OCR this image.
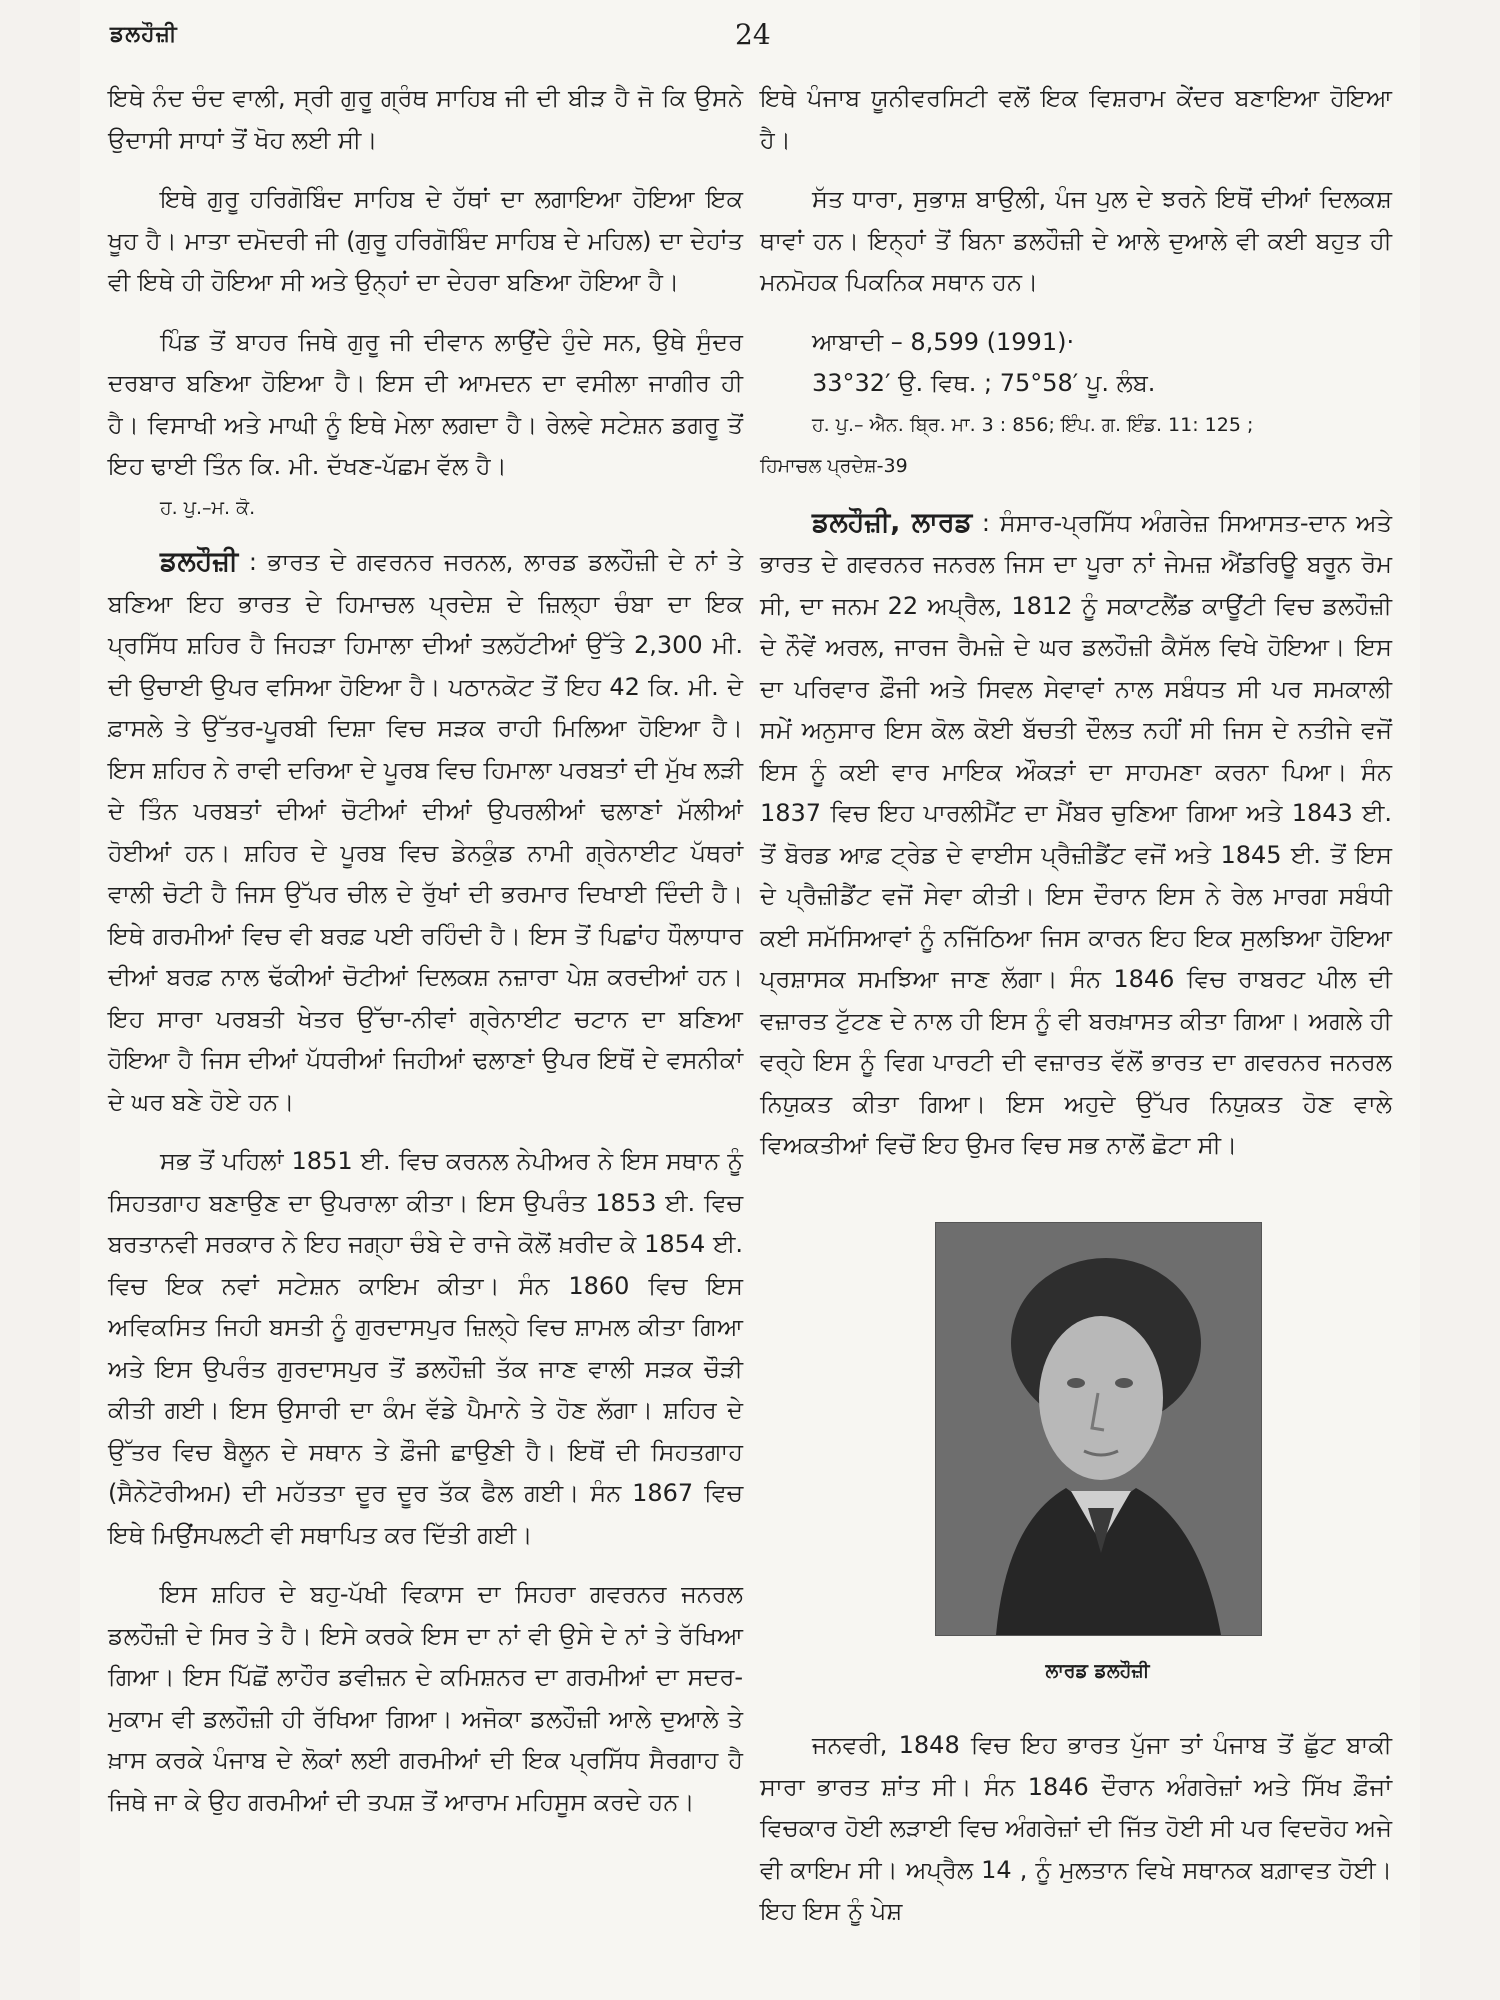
ਡਲਹੌਜ਼ੀ	24

ਇਥੇ ਨੰਦ ਚੰਦ ਵਾਲੀ, ਸ੍ਰੀ ਗੁਰੂ ਗ੍ਰੰਥ ਸਾਹਿਬ ਜੀ ਦੀ ਬੀੜ ਹੈ ਜੋ ਕਿ ਉਸਨੇ ਉਦਾਸੀ ਸਾਧਾਂ ਤੋਂ ਖੋਹ ਲਈ ਸੀ।

ਇਥੇ ਗੁਰੂ ਹਰਿਗੋਬਿੰਦ ਸਾਹਿਬ ਦੇ ਹੱਥਾਂ ਦਾ ਲਗਾਇਆ ਹੋਇਆ ਇਕ ਖੂਹ ਹੈ। ਮਾਤਾ ਦਮੋਦਰੀ ਜੀ (ਗੁਰੂ ਹਰਿਗੋਬਿੰਦ ਸਾਹਿਬ ਦੇ ਮਹਿਲ) ਦਾ ਦੇਹਾਂਤ ਵੀ ਇਥੇ ਹੀ ਹੋਇਆ ਸੀ ਅਤੇ ਉਨ੍ਹਾਂ ਦਾ ਦੇਹਰਾ ਬਣਿਆ ਹੋਇਆ ਹੈ।

ਪਿੰਡ ਤੋਂ ਬਾਹਰ ਜਿਥੇ ਗੁਰੂ ਜੀ ਦੀਵਾਨ ਲਾਉਂਦੇ ਹੁੰਦੇ ਸਨ, ਉਥੇ ਸੁੰਦਰ ਦਰਬਾਰ ਬਣਿਆ ਹੋਇਆ ਹੈ। ਇਸ ਦੀ ਆਮਦਨ ਦਾ ਵਸੀਲਾ ਜਾਗੀਰ ਹੀ ਹੈ। ਵਿਸਾਖੀ ਅਤੇ ਮਾਘੀ ਨੂੰ ਇਥੇ ਮੇਲਾ ਲਗਦਾ ਹੈ। ਰੇਲਵੇ ਸਟੇਸ਼ਨ ਡਗਰੂ ਤੋਂ ਇਹ ਢਾਈ ਤਿੰਨ ਕਿ. ਮੀ. ਦੱਖਣ-ਪੱਛਮ ਵੱਲ ਹੈ।

ਹ. ਪੁ.–ਮ. ਕੋ.

ਡਲਹੌਜ਼ੀ : ਭਾਰਤ ਦੇ ਗਵਰਨਰ ਜਰਨਲ, ਲਾਰਡ ਡਲਹੌਜ਼ੀ ਦੇ ਨਾਂ ਤੇ ਬਣਿਆ ਇਹ ਭਾਰਤ ਦੇ ਹਿਮਾਚਲ ਪ੍ਰਦੇਸ਼ ਦੇ ਜ਼ਿਲ੍ਹਾ ਚੰਬਾ ਦਾ ਇਕ ਪ੍ਰਸਿੱਧ ਸ਼ਹਿਰ ਹੈ ਜਿਹੜਾ ਹਿਮਾਲਾ ਦੀਆਂ ਤਲਹੱਟੀਆਂ ਉੱਤੇ 2,300 ਮੀ. ਦੀ ਉਚਾਈ ਉਪਰ ਵਸਿਆ ਹੋਇਆ ਹੈ। ਪਠਾਨਕੋਟ ਤੋਂ ਇਹ 42 ਕਿ. ਮੀ. ਦੇ ਫ਼ਾਸਲੇ ਤੇ ਉੱਤਰ-ਪੂਰਬੀ ਦਿਸ਼ਾ ਵਿਚ ਸੜਕ ਰਾਹੀ ਮਿਲਿਆ ਹੋਇਆ ਹੈ। ਇਸ ਸ਼ਹਿਰ ਨੇ ਰਾਵੀ ਦਰਿਆ ਦੇ ਪੂਰਬ ਵਿਚ ਹਿਮਾਲਾ ਪਰਬਤਾਂ ਦੀ ਮੁੱਖ ਲੜੀ ਦੇ ਤਿੰਨ ਪਰਬਤਾਂ ਦੀਆਂ ਚੋਟੀਆਂ ਦੀਆਂ ਉਪਰਲੀਆਂ ਢਲਾਣਾਂ ਮੱਲੀਆਂ ਹੋਈਆਂ ਹਨ। ਸ਼ਹਿਰ ਦੇ ਪੂਰਬ ਵਿਚ ਡੇਨਕੁੰਡ ਨਾਮੀ ਗ੍ਰੇਨਾਈਟ ਪੱਥਰਾਂ ਵਾਲੀ ਚੋਟੀ ਹੈ ਜਿਸ ਉੱਪਰ ਚੀਲ ਦੇ ਰੁੱਖਾਂ ਦੀ ਭਰਮਾਰ ਦਿਖਾਈ ਦਿੰਦੀ ਹੈ। ਇਥੇ ਗਰਮੀਆਂ ਵਿਚ ਵੀ ਬਰਫ਼ ਪਈ ਰਹਿੰਦੀ ਹੈ। ਇਸ ਤੋਂ ਪਿਛਾਂਹ ਧੌਲਾਧਾਰ ਦੀਆਂ ਬਰਫ਼ ਨਾਲ ਢੱਕੀਆਂ ਚੋਟੀਆਂ ਦਿਲਕਸ਼ ਨਜ਼ਾਰਾ ਪੇਸ਼ ਕਰਦੀਆਂ ਹਨ। ਇਹ ਸਾਰਾ ਪਰਬਤੀ ਖੇਤਰ ਉੱਚਾ-ਨੀਵਾਂ ਗ੍ਰੇਨਾਈਟ ਚਟਾਨ ਦਾ ਬਣਿਆ ਹੋਇਆ ਹੈ ਜਿਸ ਦੀਆਂ ਪੱਧਰੀਆਂ ਜਿਹੀਆਂ ਢਲਾਣਾਂ ਉਪਰ ਇਥੋਂ ਦੇ ਵਸਨੀਕਾਂ ਦੇ ਘਰ ਬਣੇ ਹੋਏ ਹਨ।

ਸਭ ਤੋਂ ਪਹਿਲਾਂ 1851 ਈ. ਵਿਚ ਕਰਨਲ ਨੇਪੀਅਰ ਨੇ ਇਸ ਸਥਾਨ ਨੂੰ ਸਿਹਤਗਾਹ ਬਣਾਉਣ ਦਾ ਉਪਰਾਲਾ ਕੀਤਾ। ਇਸ ਉਪਰੰਤ 1853 ਈ. ਵਿਚ ਬਰਤਾਨਵੀ ਸਰਕਾਰ ਨੇ ਇਹ ਜਗ੍ਹਾ ਚੰਬੇ ਦੇ ਰਾਜੇ ਕੋਲੋਂ ਖ਼ਰੀਦ ਕੇ 1854 ਈ. ਵਿਚ ਇਕ ਨਵਾਂ ਸਟੇਸ਼ਨ ਕਾਇਮ ਕੀਤਾ। ਸੰਨ 1860 ਵਿਚ ਇਸ ਅਵਿਕਸਿਤ ਜਿਹੀ ਬਸਤੀ ਨੂੰ ਗੁਰਦਾਸਪੁਰ ਜ਼ਿਲ੍ਹੇ ਵਿਚ ਸ਼ਾਮਲ ਕੀਤਾ ਗਿਆ ਅਤੇ ਇਸ ਉਪਰੰਤ ਗੁਰਦਾਸਪੁਰ ਤੋਂ ਡਲਹੌਜ਼ੀ ਤੱਕ ਜਾਣ ਵਾਲੀ ਸੜਕ ਚੌੜੀ ਕੀਤੀ ਗਈ। ਇਸ ਉਸਾਰੀ ਦਾ ਕੰਮ ਵੱਡੇ ਪੈਮਾਨੇ ਤੇ ਹੋਣ ਲੱਗਾ। ਸ਼ਹਿਰ ਦੇ ਉੱਤਰ ਵਿਚ ਬੈਲੂਨ ਦੇ ਸਥਾਨ ਤੇ ਫ਼ੌਜੀ ਛਾਉਣੀ ਹੈ। ਇਥੋਂ ਦੀ ਸਿਹਤਗਾਹ (ਸੈਨੇਟੋਰੀਅਮ) ਦੀ ਮਹੱਤਤਾ ਦੂਰ ਦੂਰ ਤੱਕ ਫੈਲ ਗਈ। ਸੰਨ 1867 ਵਿਚ ਇਥੇ ਮਿਉਂਸਪਲਟੀ ਵੀ ਸਥਾਪਿਤ ਕਰ ਦਿੱਤੀ ਗਈ।

ਇਸ ਸ਼ਹਿਰ ਦੇ ਬਹੁ-ਪੱਖੀ ਵਿਕਾਸ ਦਾ ਸਿਹਰਾ ਗਵਰਨਰ ਜਨਰਲ ਡਲਹੌਜ਼ੀ ਦੇ ਸਿਰ ਤੇ ਹੈ। ਇਸੇ ਕਰਕੇ ਇਸ ਦਾ ਨਾਂ ਵੀ ਉਸੇ ਦੇ ਨਾਂ ਤੇ ਰੱਖਿਆ ਗਿਆ। ਇਸ ਪਿੱਛੋਂ ਲਾਹੌਰ ਡਵੀਜ਼ਨ ਦੇ ਕਮਿਸ਼ਨਰ ਦਾ ਗਰਮੀਆਂ ਦਾ ਸਦਰ-ਮੁਕਾਮ ਵੀ ਡਲਹੌਜ਼ੀ ਹੀ ਰੱਖਿਆ ਗਿਆ। ਅਜੋਕਾ ਡਲਹੌਜ਼ੀ ਆਲੇ ਦੁਆਲੇ ਤੇ ਖ਼ਾਸ ਕਰਕੇ ਪੰਜਾਬ ਦੇ ਲੋਕਾਂ ਲਈ ਗਰਮੀਆਂ ਦੀ ਇਕ ਪ੍ਰਸਿੱਧ ਸੈਰਗਾਹ ਹੈ ਜਿਥੇ ਜਾ ਕੇ ਉਹ ਗਰਮੀਆਂ ਦੀ ਤਪਸ਼ ਤੋਂ ਆਰਾਮ ਮਹਿਸੂਸ ਕਰਦੇ ਹਨ।

ਇਥੇ ਪੰਜਾਬ ਯੂਨੀਵਰਸਿਟੀ ਵਲੋਂ ਇਕ ਵਿਸ਼ਰਾਮ ਕੇਂਦਰ ਬਣਾਇਆ ਹੋਇਆ ਹੈ।

ਸੱਤ ਧਾਰਾ, ਸੁਭਾਸ਼ ਬਾਉਲੀ, ਪੰਜ ਪੁਲ ਦੇ ਝਰਨੇ ਇਥੋਂ ਦੀਆਂ ਦਿਲਕਸ਼ ਥਾਵਾਂ ਹਨ। ਇਨ੍ਹਾਂ ਤੋਂ ਬਿਨਾ ਡਲਹੌਜ਼ੀ ਦੇ ਆਲੇ ਦੁਆਲੇ ਵੀ ਕਈ ਬਹੁਤ ਹੀ ਮਨਮੋਹਕ ਪਿਕਨਿਕ ਸਥਾਨ ਹਨ।

ਆਬਾਦੀ – 8,599 (1991)·

33°32′ ਉ. ਵਿਥ. ; 75°58′ ਪੂ. ਲੰਬ.

ਹ. ਪੁ.– ਐਨ. ਬ੍ਰਿ. ਮਾ. 3 : 856; ਇੰਪ. ਗ. ਇੰਡ. 11: 125 ;

ਹਿਮਾਚਲ ਪ੍ਰਦੇਸ਼-39

ਡਲਹੌਜ਼ੀ, ਲਾਰਡ : ਸੰਸਾਰ-ਪ੍ਰਸਿੱਧ ਅੰਗਰੇਜ਼ ਸਿਆਸਤ-ਦਾਨ ਅਤੇ ਭਾਰਤ ਦੇ ਗਵਰਨਰ ਜਨਰਲ ਜਿਸ ਦਾ ਪੂਰਾ ਨਾਂ ਜੇਮਜ਼ ਐਂਡਰਿਊ ਬਰੂਨ ਰੋਮ ਸੀ, ਦਾ ਜਨਮ 22 ਅਪ੍ਰੈਲ, 1812 ਨੂੰ ਸਕਾਟਲੈਂਡ ਕਾਊਂਟੀ ਵਿਚ ਡਲਹੌਜ਼ੀ ਦੇ ਨੌਵੇਂ ਅਰਲ, ਜਾਰਜ ਰੈਮਜ਼ੇ ਦੇ ਘਰ ਡਲਹੌਜ਼ੀ ਕੈਸੱਲ ਵਿਖੇ ਹੋਇਆ। ਇਸ ਦਾ ਪਰਿਵਾਰ ਫ਼ੌਜੀ ਅਤੇ ਸਿਵਲ ਸੇਵਾਵਾਂ ਨਾਲ ਸਬੰਧਤ ਸੀ ਪਰ ਸਮਕਾਲੀ ਸਮੇਂ ਅਨੁਸਾਰ ਇਸ ਕੋਲ ਕੋਈ ਬੱਚਤੀ ਦੌਲਤ ਨਹੀਂ ਸੀ ਜਿਸ ਦੇ ਨਤੀਜੇ ਵਜੋਂ ਇਸ ਨੂੰ ਕਈ ਵਾਰ ਮਾਇਕ ਔਕੜਾਂ ਦਾ ਸਾਹਮਣਾ ਕਰਨਾ ਪਿਆ। ਸੰਨ 1837 ਵਿਚ ਇਹ ਪਾਰਲੀਮੈਂਟ ਦਾ ਮੈਂਬਰ ਚੁਣਿਆ ਗਿਆ ਅਤੇ 1843 ਈ. ਤੋਂ ਬੋਰਡ ਆਫ਼ ਟ੍ਰੇਡ ਦੇ ਵਾਈਸ ਪ੍ਰੈਜ਼ੀਡੈਂਟ ਵਜੋਂ ਅਤੇ 1845 ਈ. ਤੋਂ ਇਸ ਦੇ ਪ੍ਰੈਜ਼ੀਡੈਂਟ ਵਜੋਂ ਸੇਵਾ ਕੀਤੀ। ਇਸ ਦੌਰਾਨ ਇਸ ਨੇ ਰੇਲ ਮਾਰਗ ਸਬੰਧੀ ਕਈ ਸਮੱਸਿਆਵਾਂ ਨੂੰ ਨਜਿੱਠਿਆ ਜਿਸ ਕਾਰਨ ਇਹ ਇਕ ਸੁਲਝਿਆ ਹੋਇਆ ਪ੍ਰਸ਼ਾਸਕ ਸਮਝਿਆ ਜਾਣ ਲੱਗਾ। ਸੰਨ 1846 ਵਿਚ ਰਾਬਰਟ ਪੀਲ ਦੀ ਵਜ਼ਾਰਤ ਟੁੱਟਣ ਦੇ ਨਾਲ ਹੀ ਇਸ ਨੂੰ ਵੀ ਬਰਖ਼ਾਸਤ ਕੀਤਾ ਗਿਆ। ਅਗਲੇ ਹੀ ਵਰ੍ਹੇ ਇਸ ਨੂੰ ਵਿਗ ਪਾਰਟੀ ਦੀ ਵਜ਼ਾਰਤ ਵੱਲੋਂ ਭਾਰਤ ਦਾ ਗਵਰਨਰ ਜਨਰਲ ਨਿਯੁਕਤ ਕੀਤਾ ਗਿਆ। ਇਸ ਅਹੁਦੇ ਉੱਪਰ ਨਿਯੁਕਤ ਹੋਣ ਵਾਲੇ ਵਿਅਕਤੀਆਂ ਵਿਚੋਂ ਇਹ ਉਮਰ ਵਿਚ ਸਭ ਨਾਲੋਂ ਛੋਟਾ ਸੀ।

ਲਾਰਡ ਡਲਹੌਜ਼ੀ

ਜਨਵਰੀ, 1848 ਵਿਚ ਇਹ ਭਾਰਤ ਪੁੱਜਾ ਤਾਂ ਪੰਜਾਬ ਤੋਂ ਛੁੱਟ ਬਾਕੀ ਸਾਰਾ ਭਾਰਤ ਸ਼ਾਂਤ ਸੀ। ਸੰਨ 1846 ਦੌਰਾਨ ਅੰਗਰੇਜ਼ਾਂ ਅਤੇ ਸਿੱਖ ਫ਼ੌਜਾਂ ਵਿਚਕਾਰ ਹੋਈ ਲੜਾਈ ਵਿਚ ਅੰਗਰੇਜ਼ਾਂ ਦੀ ਜਿੱਤ ਹੋਈ ਸੀ ਪਰ ਵਿਦਰੋਹ ਅਜੇ ਵੀ ਕਾਇਮ ਸੀ। ਅਪ੍ਰੈਲ 14 , ਨੂੰ ਮੁਲਤਾਨ ਵਿਖੇ ਸਥਾਨਕ ਬਗ਼ਾਵਤ ਹੋਈ। ਇਹ ਇਸ ਨੂੰ ਪੇਸ਼
